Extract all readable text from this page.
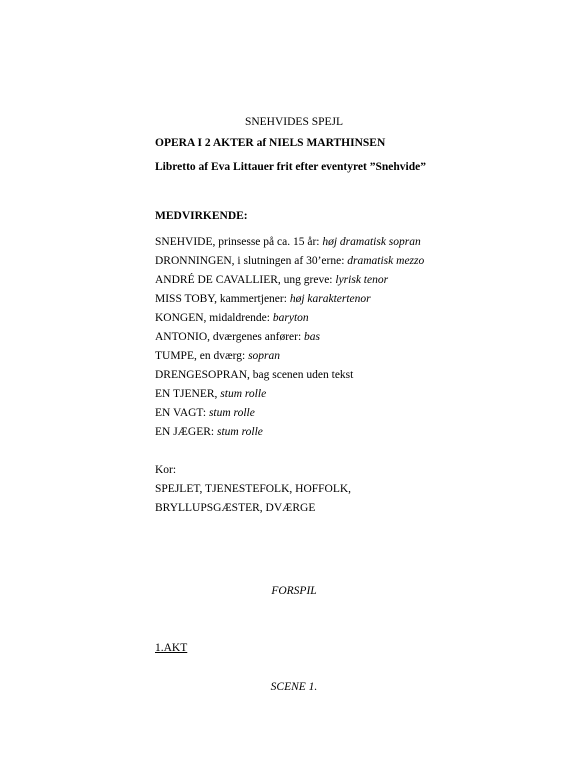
SNEHVIDES SPEJL
OPERA I 2 AKTER af NIELS MARTHINSEN
Libretto af Eva Littauer frit efter eventyret ”Snehvide”
MEDVIRKENDE:
SNEHVIDE, prinsesse på ca. 15 år: høj dramatisk sopran
DRONNINGEN, i slutningen af 30’erne: dramatisk mezzo
ANDRÉ DE CAVALLIER, ung greve: lyrisk tenor
MISS TOBY, kammertjener: høj karaktertenor
KONGEN, midaldrende: baryton
ANTONIO, dværgenes anfører: bas
TUMPE, en dværg: sopran
DRENGESOPRAN, bag scenen uden tekst
EN TJENER, stum rolle
EN VAGT: stum rolle
EN JÆGER: stum rolle
Kor:
SPEJLET, TJENESTEFOLK, HOFFOLK,
BRYLLUPSGÆSTER, DVÆRGE
FORSPIL
1.AKT
SCENE 1.
